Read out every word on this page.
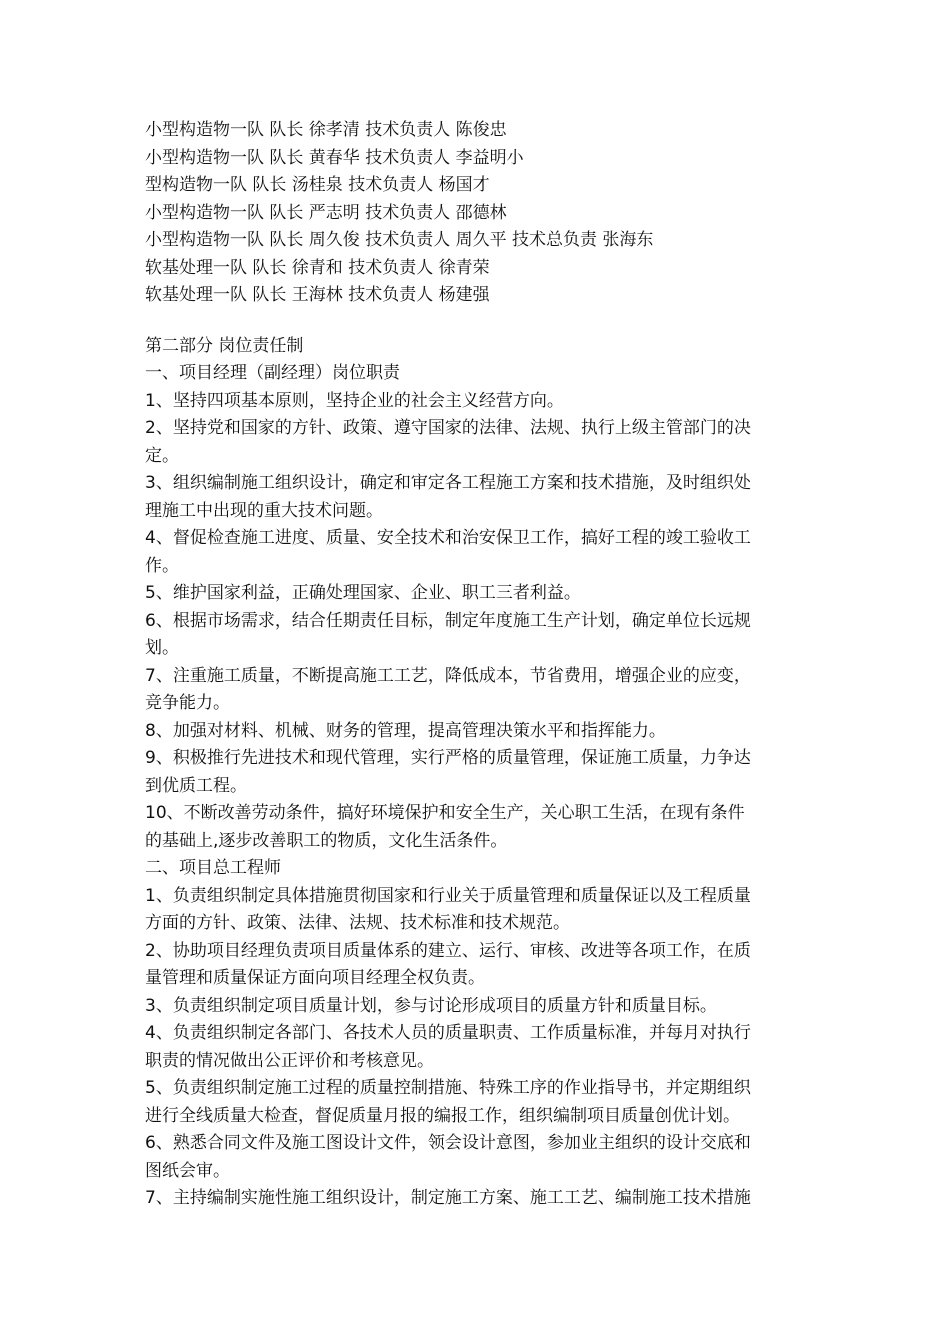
小型构造物一队 队长 徐孝清 技术负责人 陈俊忠
小型构造物一队 队长 黄春华 技术负责人 李益明小
型构造物一队 队长 汤桂泉 技术负责人 杨国才
小型构造物一队 队长 严志明 技术负责人 邵德林
小型构造物一队 队长 周久俊 技术负责人 周久平 技术总负责 张海东
软基处理一队 队长 徐青和 技术负责人 徐青荣
软基处理一队 队长 王海林 技术负责人 杨建强
第二部分 岗位责任制
一、项目经理（副经理）岗位职责
1、坚持四项基本原则，坚持企业的社会主义经营方向。
2、坚持党和国家的方针、政策、遵守国家的法律、法规、执行上级主管部门的决
定。
3、组织编制施工组织设计，确定和审定各工程施工方案和技术措施，及时组织处
理施工中出现的重大技术问题。
4、督促检查施工进度、质量、安全技术和治安保卫工作，搞好工程的竣工验收工
作。
5、维护国家利益，正确处理国家、企业、职工三者利益。
6、根据市场需求，结合任期责任目标，制定年度施工生产计划，确定单位长远规
划。
7、注重施工质量，不断提高施工工艺，降低成本，节省费用，增强企业的应变，
竞争能力。
8、加强对材料、机械、财务的管理，提高管理决策水平和指挥能力。
9、积极推行先进技术和现代管理，实行严格的质量管理，保证施工质量，力争达
到优质工程。
10、不断改善劳动条件，搞好环境保护和安全生产，关心职工生活，在现有条件
的基础上,逐步改善职工的物质，文化生活条件。
二、项目总工程师
1、负责组织制定具体措施贯彻国家和行业关于质量管理和质量保证以及工程质量
方面的方针、政策、法律、法规、技术标准和技术规范。
2、协助项目经理负责项目质量体系的建立、运行、审核、改进等各项工作，在质
量管理和质量保证方面向项目经理全权负责。
3、负责组织制定项目质量计划，参与讨论形成项目的质量方针和质量目标。
4、负责组织制定各部门、各技术人员的质量职责、工作质量标准，并每月对执行
职责的情况做出公正评价和考核意见。
5、负责组织制定施工过程的质量控制措施、特殊工序的作业指导书，并定期组织
进行全线质量大检查，督促质量月报的编报工作，组织编制项目质量创优计划。
6、熟悉合同文件及施工图设计文件，领会设计意图，参加业主组织的设计交底和
图纸会审。
7、主持编制实施性施工组织设计，制定施工方案、施工工艺、编制施工技术措施
